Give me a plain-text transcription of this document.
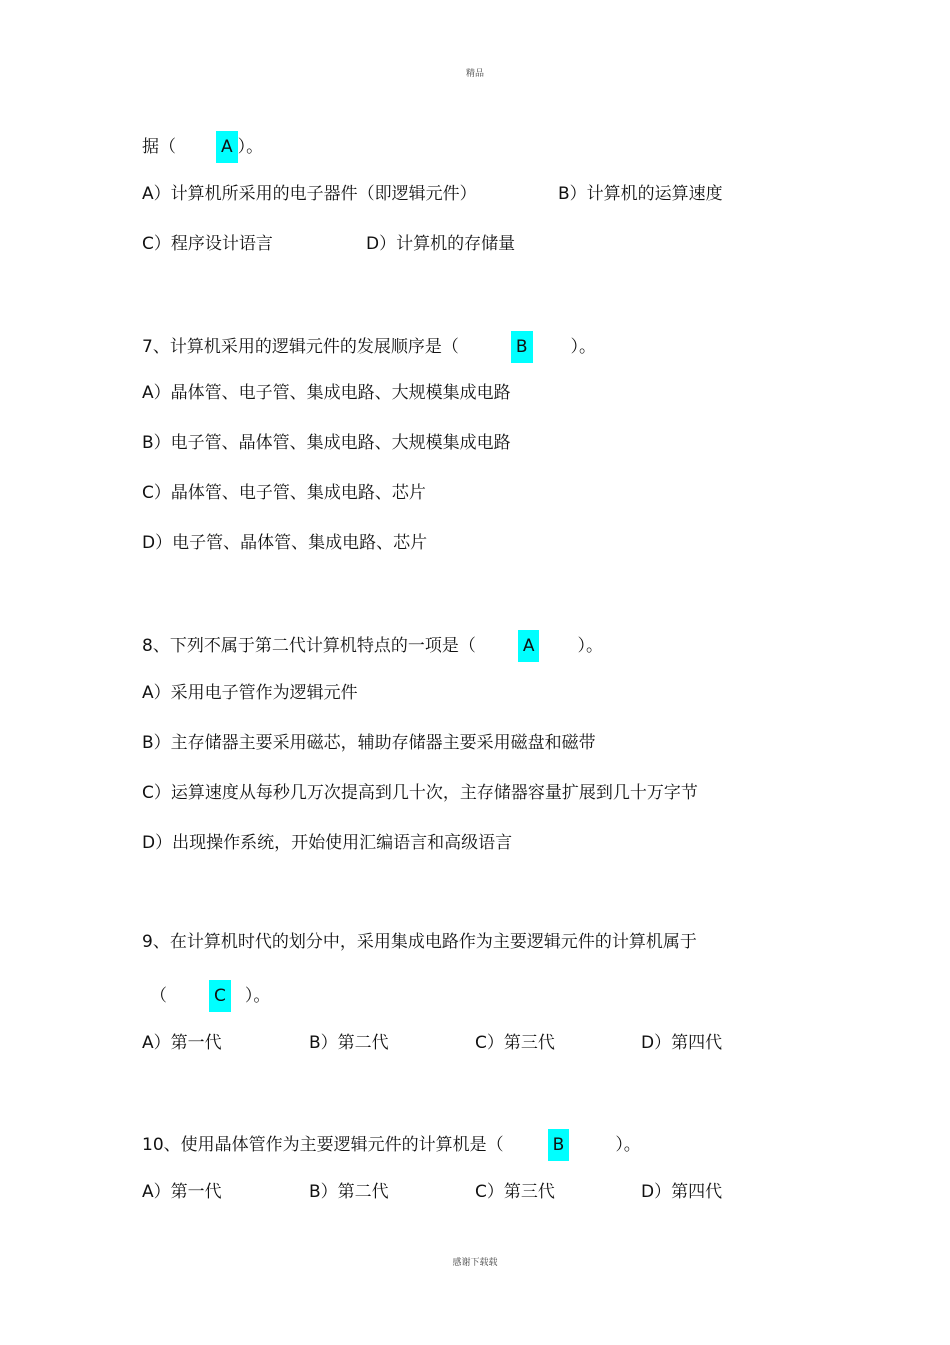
精品
据（	A ）。
A）计算机所采用的电子器件（即逻辑元件）	B）计算机的运算速度
C）程序设计语言	D）计算机的存储量
7、计算机采用的逻辑元件的发展顺序是（	B	）。
A）晶体管、电子管、集成电路、大规模集成电路
B）电子管、晶体管、集成电路、大规模集成电路
C）晶体管、电子管、集成电路、芯片
D）电子管、晶体管、集成电路、芯片
8、下列不属于第二代计算机特点的一项是（	A	）。
A）采用电子管作为逻辑元件
B）主存储器主要采用磁芯，辅助存储器主要采用磁盘和磁带
C）运算速度从每秒几万次提高到几十次，主存储器容量扩展到几十万字节
D）出现操作系统，开始使用汇编语言和高级语言
9、在计算机时代的划分中，采用集成电路作为主要逻辑元件的计算机属于
（	C ）。
A）第一代	B）第二代	C）第三代	D）第四代
10、使用晶体管作为主要逻辑元件的计算机是（	B	）。
A）第一代	B）第二代	C）第三代	D）第四代
感谢下载载
